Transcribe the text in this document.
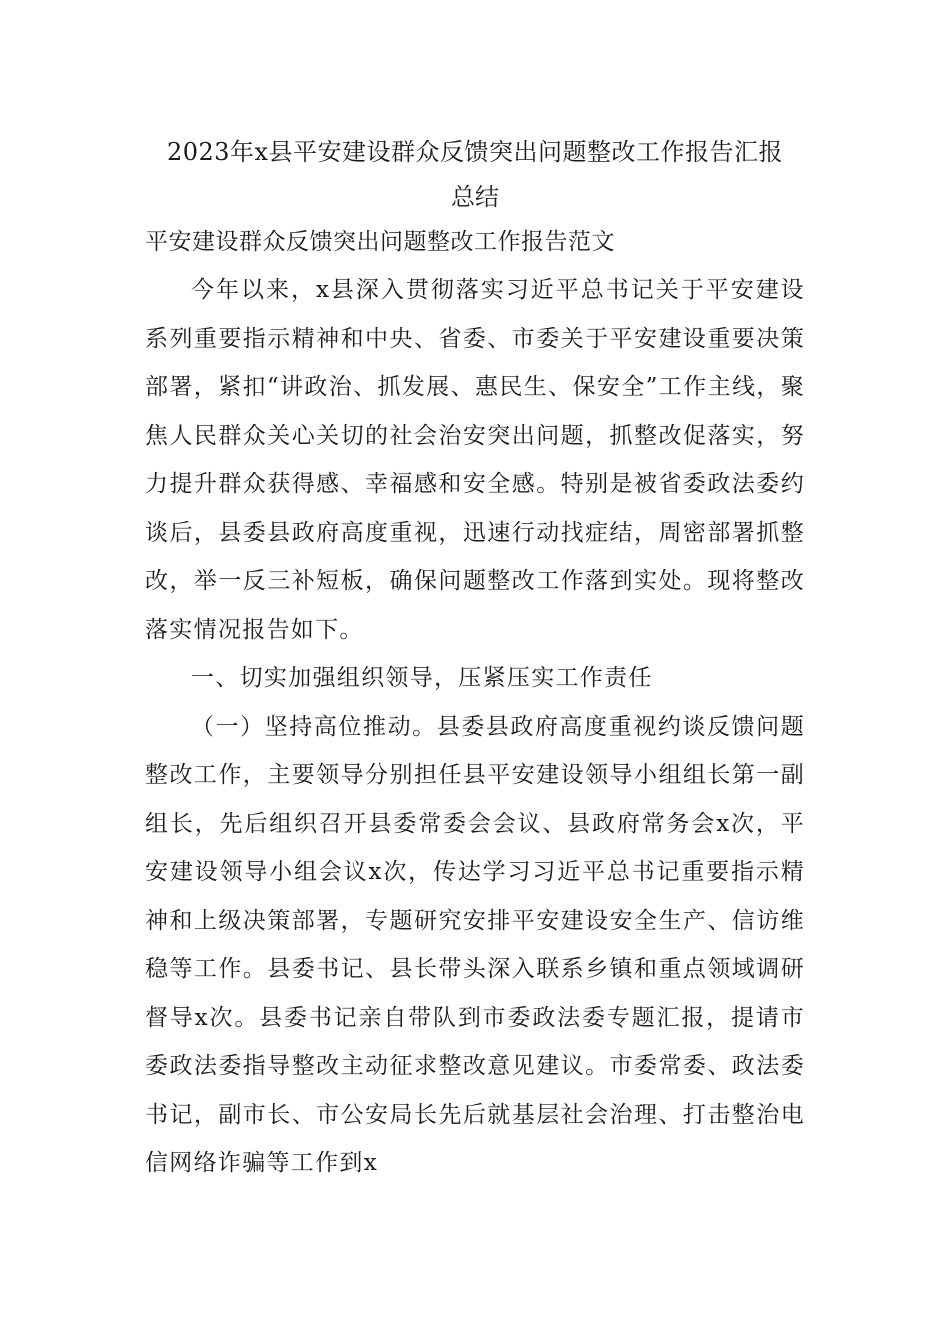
2023年x县平安建设群众反馈突出问题整改工作报告汇报

总结

平安建设群众反馈突出问题整改工作报告范文

今年以来，x县深入贯彻落实习近平总书记关于平安建设系列重要指示精神和中央、省委、市委关于平安建设重要决策部署，紧扣“讲政治、抓发展、惠民生、保安全”工作主线，聚焦人民群众关心关切的社会治安突出问题，抓整改促落实，努力提升群众获得感、幸福感和安全感。特别是被省委政法委约谈后，县委县政府高度重视，迅速行动找症结，周密部署抓整改，举一反三补短板，确保问题整改工作落到实处。现将整改落实情况报告如下。

一、切实加强组织领导，压紧压实工作责任

（一）坚持高位推动。县委县政府高度重视约谈反馈问题整改工作，主要领导分别担任县平安建设领导小组组长第一副组长，先后组织召开县委常委会会议、县政府常务会x次，平安建设领导小组会议x次，传达学习习近平总书记重要指示精神和上级决策部署，专题研究安排平安建设安全生产、信访维稳等工作。县委书记、县长带头深入联系乡镇和重点领域调研督导x次。县委书记亲自带队到市委政法委专题汇报，提请市委政法委指导整改主动征求整改意见建议。市委常委、政法委书记，副市长、市公安局长先后就基层社会治理、打击整治电信网络诈骗等工作到x
